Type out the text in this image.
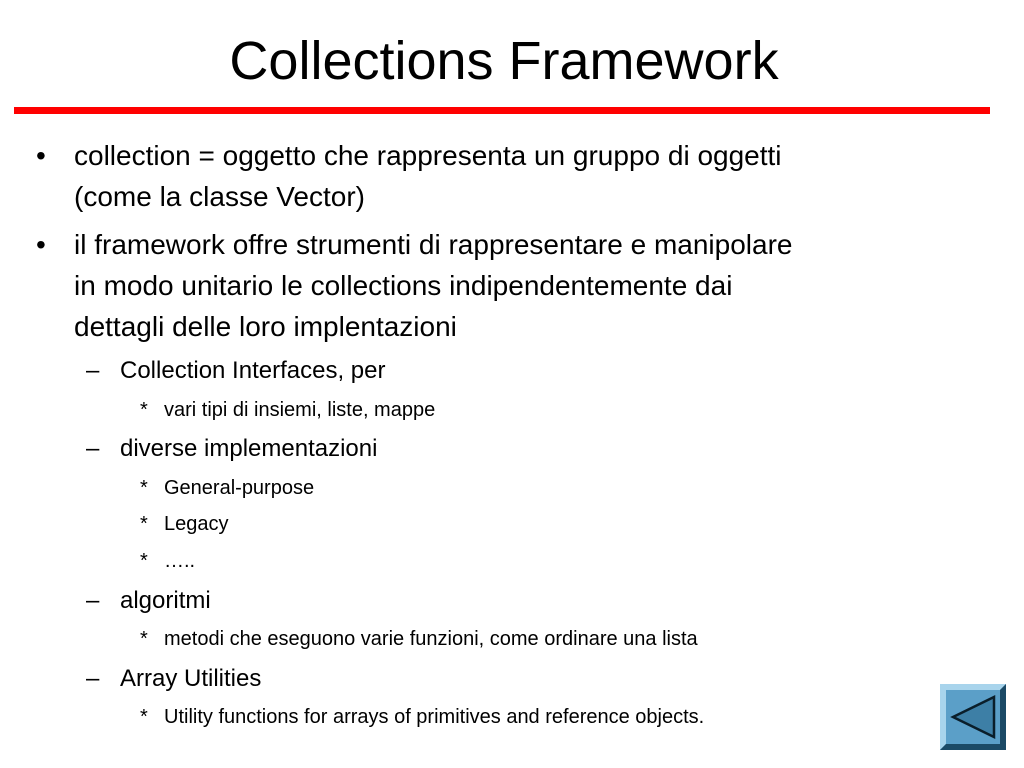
Collections Framework
• collection = oggetto che rappresenta un gruppo di oggetti
(come la classe Vector)
• il framework offre strumenti di rappresentare e manipolare
in modo unitario le collections indipendentemente dai
dettagli delle loro implentazioni
– Collection Interfaces, per
* vari tipi di insiemi, liste, mappe
– diverse implementazioni
* General-purpose
* Legacy
* …..
– algoritmi
* metodi che eseguono varie funzioni, come ordinare una lista
– Array Utilities
* Utility functions for arrays of primitives and reference objects.
